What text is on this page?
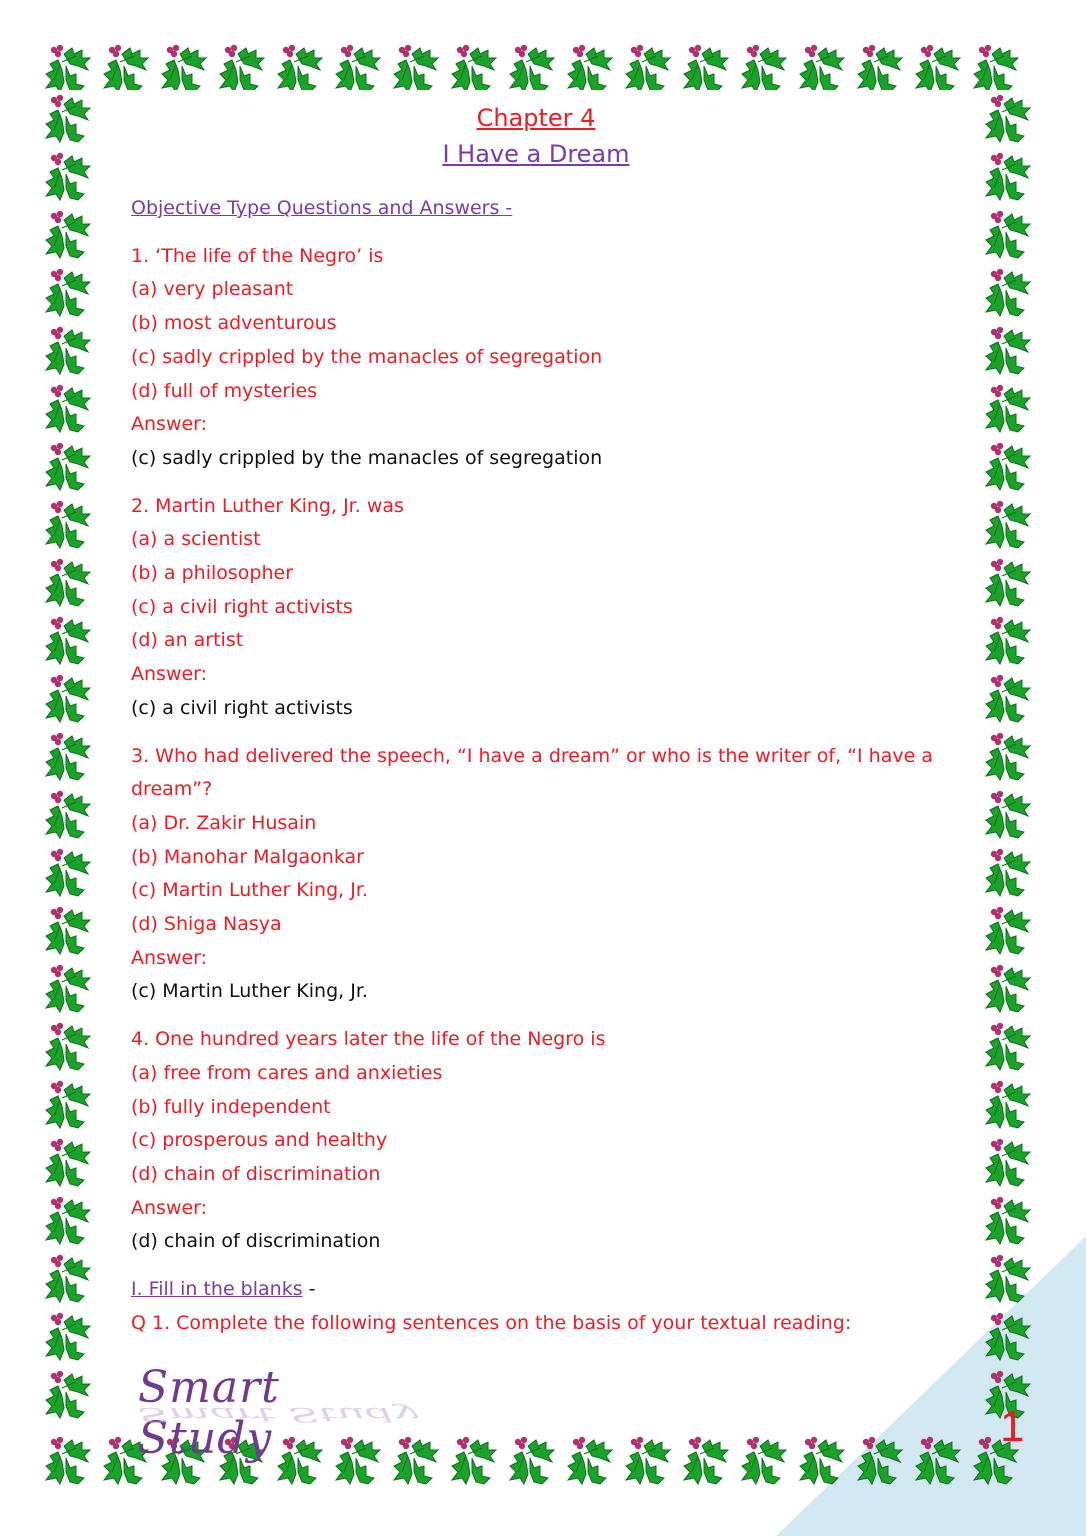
Chapter 4
I Have a Dream
Objective Type Questions and Answers -
1. ‘The life of the Negro’ is
(a) very pleasant
(b) most adventurous
(c) sadly crippled by the manacles of segregation
(d) full of mysteries
Answer:
(c) sadly crippled by the manacles of segregation
2. Martin Luther King, Jr. was
(a) a scientist
(b) a philosopher
(c) a civil right activists
(d) an artist
Answer:
(c) a civil right activists
3. Who had delivered the speech, “I have a dream” or who is the writer of, “I have a dream”?
(a) Dr. Zakir Husain
(b) Manohar Malgaonkar
(c) Martin Luther King, Jr.
(d) Shiga Nasya
Answer:
(c) Martin Luther King, Jr.
4. One hundred years later the life of the Negro is
(a) free from cares and anxieties
(b) fully independent
(c) prosperous and healthy
(d) chain of discrimination
Answer:
(d) chain of discrimination
I. Fill in the blanks -
Q 1. Complete the following sentences on the basis of your textual reading:
Smart Study
Smart Study	1
